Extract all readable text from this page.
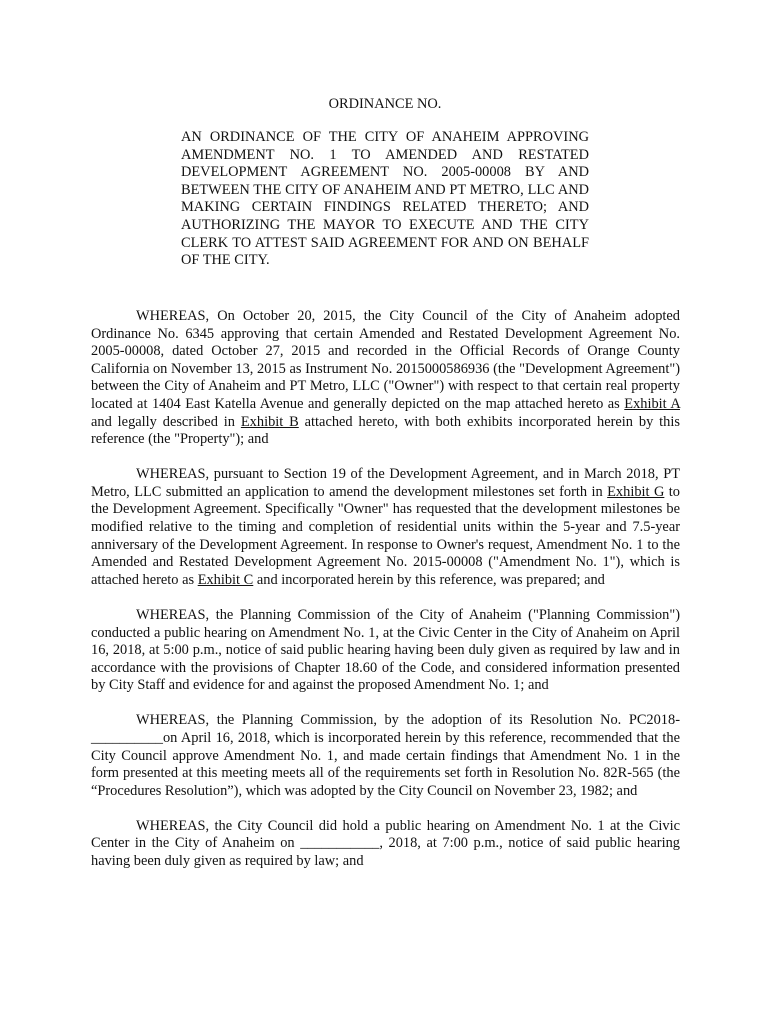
ORDINANCE NO.
AN ORDINANCE OF THE CITY OF ANAHEIM APPROVING AMENDMENT NO. 1 TO AMENDED AND RESTATED DEVELOPMENT AGREEMENT NO. 2005-00008 BY AND BETWEEN THE CITY OF ANAHEIM AND PT METRO, LLC AND MAKING CERTAIN FINDINGS RELATED THERETO; AND AUTHORIZING THE MAYOR TO EXECUTE AND THE CITY CLERK TO ATTEST SAID AGREEMENT FOR AND ON BEHALF OF THE CITY.

WHEREAS, On October 20, 2015, the City Council of the City of Anaheim adopted Ordinance No. 6345 approving that certain Amended and Restated Development Agreement No. 2005-00008, dated October 27, 2015 and recorded in the Official Records of Orange County California on November 13, 2015 as Instrument No. 2015000586936 (the "Development Agreement") between the City of Anaheim and PT Metro, LLC ("Owner") with respect to that certain real property located at 1404 East Katella Avenue and generally depicted on the map attached hereto as Exhibit A and legally described in Exhibit B attached hereto, with both exhibits incorporated herein by this reference (the "Property"); and

WHEREAS, pursuant to Section 19 of the Development Agreement, and in March 2018, PT Metro, LLC submitted an application to amend the development milestones set forth in Exhibit G to the Development Agreement. Specifically "Owner" has requested that the development milestones be modified relative to the timing and completion of residential units within the 5-year and 7.5-year anniversary of the Development Agreement. In response to Owner's request, Amendment No. 1 to the Amended and Restated Development Agreement No. 2015-00008 ("Amendment No. 1"), which is attached hereto as Exhibit C and incorporated herein by this reference, was prepared; and

WHEREAS, the Planning Commission of the City of Anaheim ("Planning Commission") conducted a public hearing on Amendment No. 1, at the Civic Center in the City of Anaheim on April 16, 2018, at 5:00 p.m., notice of said public hearing having been duly given as required by law and in accordance with the provisions of Chapter 18.60 of the Code, and considered information presented by City Staff and evidence for and against the proposed Amendment No. 1; and

WHEREAS, the Planning Commission, by the adoption of its Resolution No. PC2018- __________on April 16, 2018, which is incorporated herein by this reference, recommended that the City Council approve Amendment No. 1, and made certain findings that Amendment No. 1 in the form presented at this meeting meets all of the requirements set forth in Resolution No. 82R-565 (the “Procedures Resolution”), which was adopted by the City Council on November 23, 1982; and

WHEREAS, the City Council did hold a public hearing on Amendment No. 1 at the Civic Center in the City of Anaheim on ___________, 2018, at 7:00 p.m., notice of said public hearing having been duly given as required by law; and
